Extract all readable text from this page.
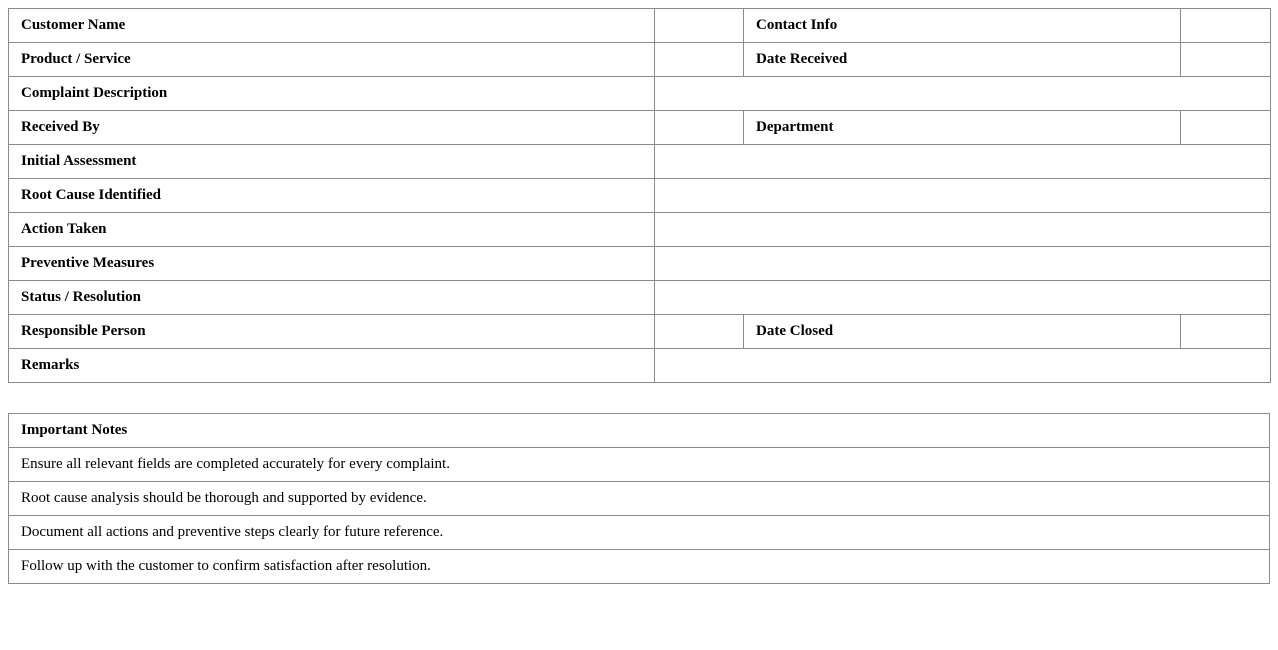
Customer Name		Contact Info	
Product / Service		Date Received	
Complaint Description			
Received By		Department	
Initial Assessment			
Root Cause Identified			
Action Taken			
Preventive Measures			
Status / Resolution			
Responsible Person		Date Closed	
Remarks			
Important Notes
Ensure all relevant fields are completed accurately for every complaint.
Root cause analysis should be thorough and supported by evidence.
Document all actions and preventive steps clearly for future reference.
Follow up with the customer to confirm satisfaction after resolution.
